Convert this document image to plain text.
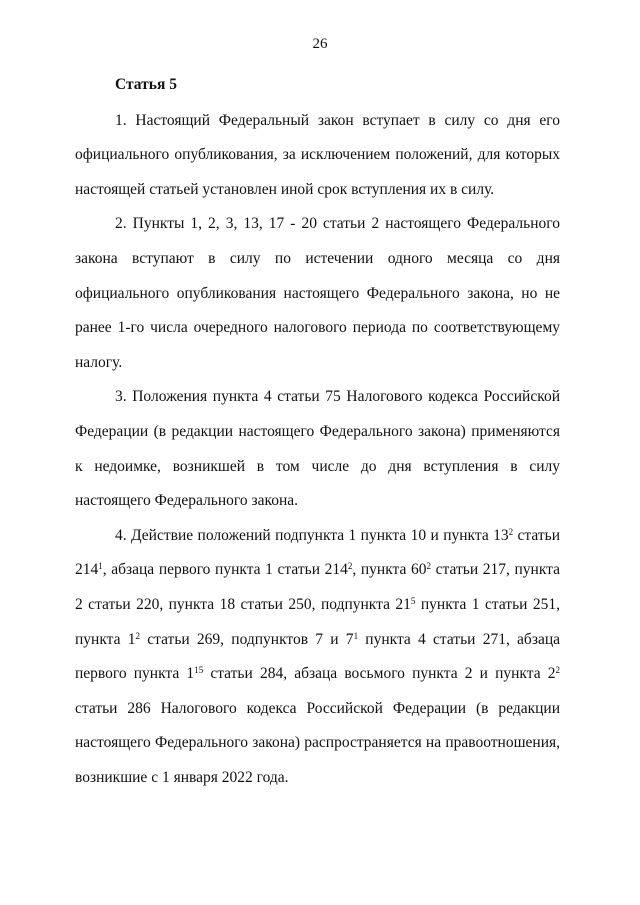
26

Статья 5

1. Настоящий Федеральный закон вступает в силу со дня его официального опубликования, за исключением положений, для которых настоящей статьей установлен иной срок вступления их в силу.

2. Пункты 1, 2, 3, 13, 17 - 20 статьи 2 настоящего Федерального закона вступают в силу по истечении одного месяца со дня официального опубликования настоящего Федерального закона, но не ранее 1-го числа очередного налогового периода по соответствующему налогу.

3. Положения пункта 4 статьи 75 Налогового кодекса Российской Федерации (в редакции настоящего Федерального закона) применяются к недоимке, возникшей в том числе до дня вступления в силу настоящего Федерального закона.

4. Действие положений подпункта 1 пункта 10 и пункта $13^2$ статьи $214^1$, абзаца первого пункта 1 статьи $214^2$, пункта $60^2$ статьи 217, пункта 2 статьи 220, пункта 18 статьи 250, подпункта $21^5$ пункта 1 статьи 251, пункта $1^2$ статьи 269, подпунктов 7 и $7^1$ пункта 4 статьи 271, абзаца первого пункта $1^{15}$ статьи 284, абзаца восьмого пункта 2 и пункта $2^2$ статьи 286 Налогового кодекса Российской Федерации (в редакции настоящего Федерального закона) распространяется на правоотношения, возникшие с 1 января 2022 года.
